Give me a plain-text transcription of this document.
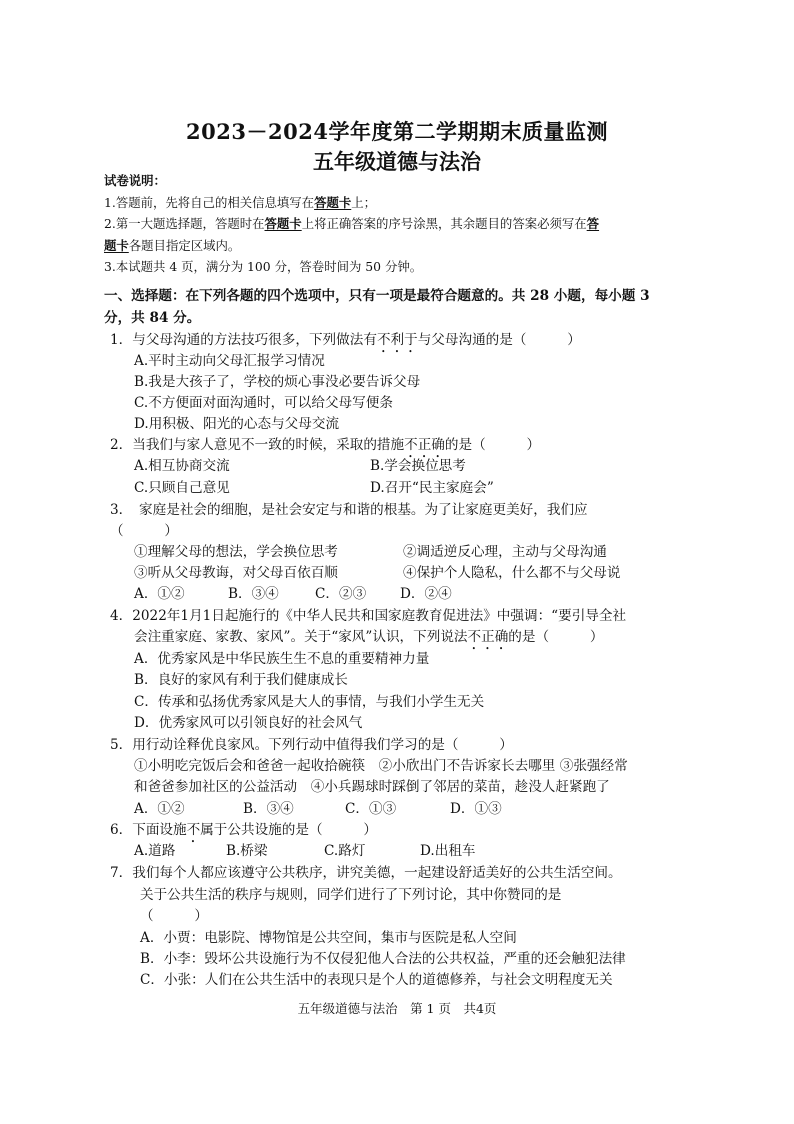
2023－2024学年度第二学期期末质量监测
五年级道德与法治
试卷说明：
1.答题前，先将自己的相关信息填写在答题卡上；
2.第一大题选择题，答题时在答题卡上将正确答案的序号涂黑，其余题目的答案必须写在答
题卡各题目指定区域内。
3.本试题共 4 页，满分为 100 分，答卷时间为 50 分钟。
一、选择题：在下列各题的四个选项中，只有一项是最符合题意的。共 28 小题，每小题 3
分，共 84 分。
1．与父母沟通的方法技巧很多，下列做法有不利于与父母沟通的是（　　　）
A.平时主动向父母汇报学习情况
B.我是大孩子了，学校的烦心事没必要告诉父母
C.不方便面对面沟通时，可以给父母写便条
D.用积极、阳光的心态与父母交流
2．当我们与家人意见不一致的时候，采取的措施不正确的是（　　　）
A.相互协商交流	B.学会换位思考
C.只顾自己意见	D.召开“民主家庭会”
3．　家庭是社会的细胞，是社会安定与和谐的根基。为了让家庭更美好，我们应
（　　　）
①理解父母的想法，学会换位思考	②调适逆反心理，主动与父母沟通
③听从父母教诲，对父母百依百顺	④保护个人隐私，什么都不与父母说
A．①②	B．③④	C．②③ D．②④
4．2022年1月1日起施行的《中华人民共和国家庭教育促进法》中强调：“要引导全社
会注重家庭、家教、家风”。关于“家风”认识，下列说法不正确的是（　　　）
A．优秀家风是中华民族生生不息的重要精神力量
B．良好的家风有利于我们健康成长
C．传承和弘扬优秀家风是大人的事情，与我们小学生无关
D．优秀家风可以引领良好的社会风气
5．用行动诠释优良家风。下列行动中值得我们学习的是（　　　）
①小明吃完饭后会和爸爸一起收拾碗筷　②小欣出门不告诉家长去哪里 ③张强经常
和爸爸参加社区的公益活动　④小兵踢球时踩倒了邻居的菜苗，趁没人赶紧跑了
A．①②	B．③④	C．①③	D．①③
6．下面设施不属于公共设施的是（　　　）
A.道路	B.桥梁	C.路灯	D.出租车
7．我们每个人都应该遵守公共秩序，讲究美德，一起建设舒适美好的公共生活空间。
关于公共生活的秩序与规则，同学们进行了下列讨论，其中你赞同的是
（　　　）
A．小贾：电影院、博物馆是公共空间，集市与医院是私人空间
B．小李：毁坏公共设施行为不仅侵犯他人合法的公共权益，严重的还会触犯法律
C．小张：人们在公共生活中的表现只是个人的道德修养，与社会文明程度无关
五年级道德与法治　第 1 页　共4页
